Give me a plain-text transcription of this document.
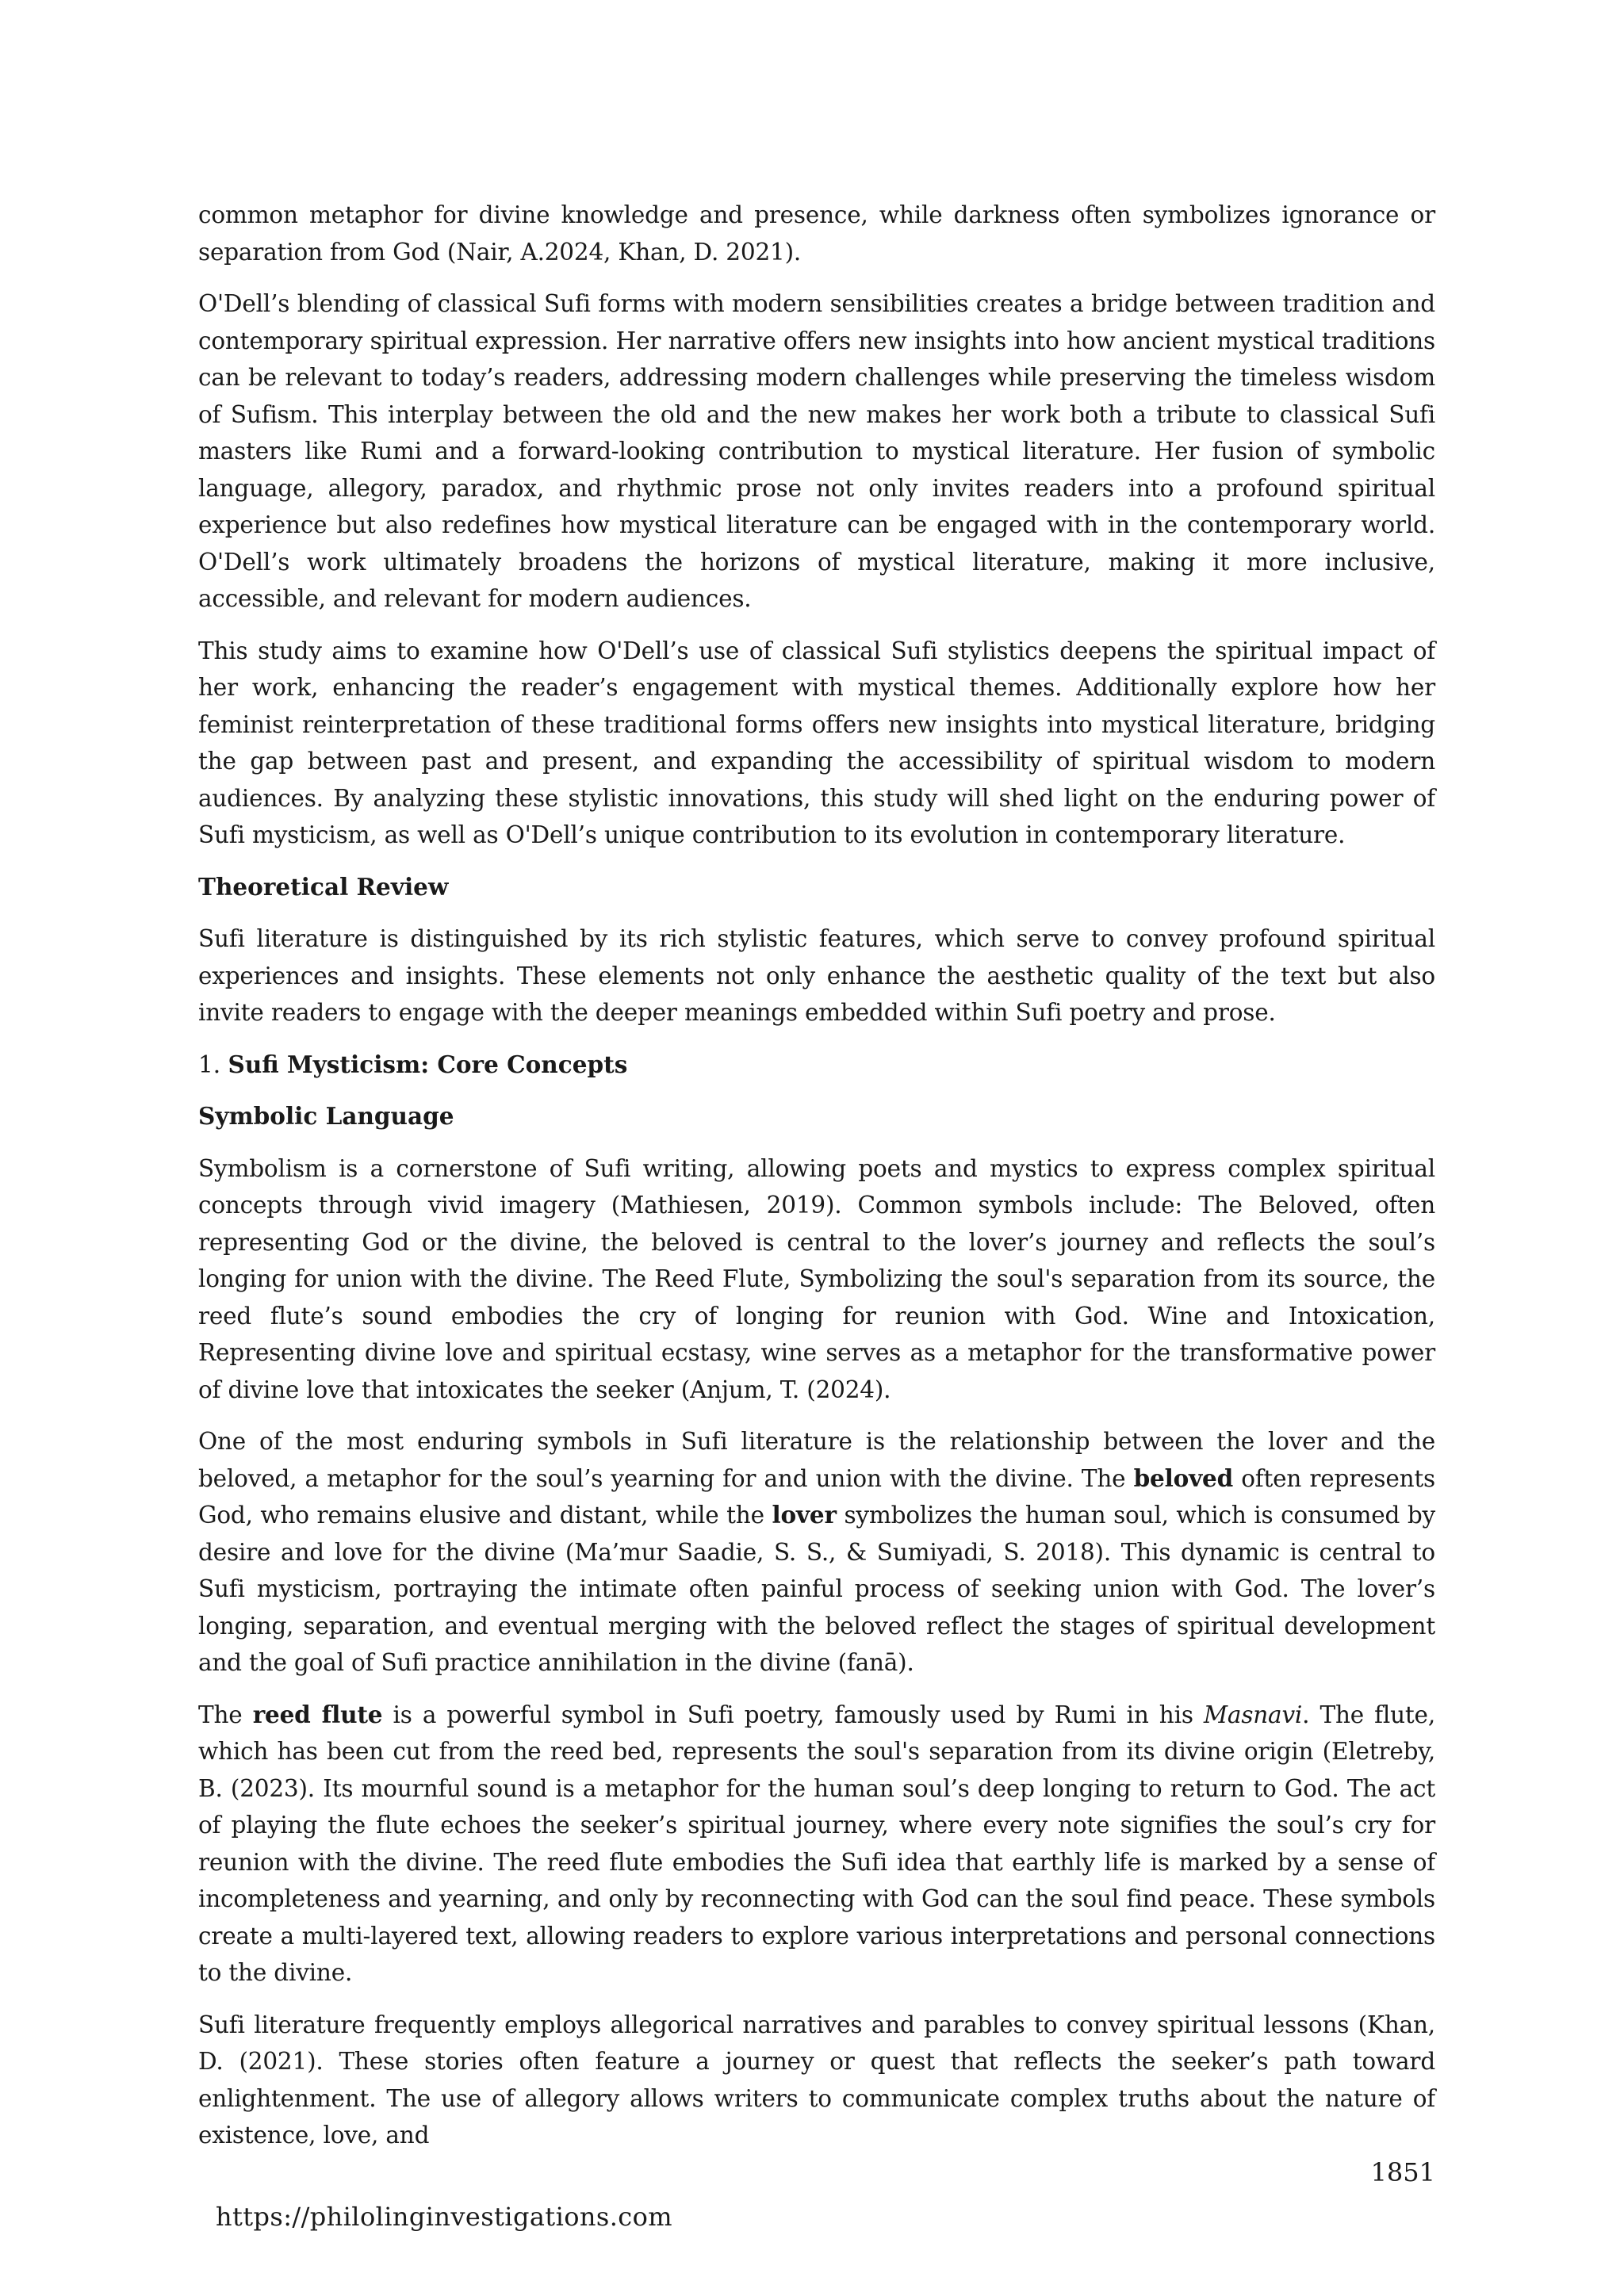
common metaphor for divine knowledge and presence, while darkness often symbolizes ignorance or separation from God (Nair, A.2024, Khan, D. 2021).

O'Dell’s blending of classical Sufi forms with modern sensibilities creates a bridge between tradition and contemporary spiritual expression. Her narrative offers new insights into how ancient mystical traditions can be relevant to today’s readers, addressing modern challenges while preserving the timeless wisdom of Sufism. This interplay between the old and the new makes her work both a tribute to classical Sufi masters like Rumi and a forward-looking contribution to mystical literature. Her fusion of symbolic language, allegory, paradox, and rhythmic prose not only invites readers into a profound spiritual experience but also redefines how mystical literature can be engaged with in the contemporary world. O'Dell’s work ultimately broadens the horizons of mystical literature, making it more inclusive, accessible, and relevant for modern audiences.

This study aims to examine how O'Dell’s use of classical Sufi stylistics deepens the spiritual impact of her work, enhancing the reader’s engagement with mystical themes. Additionally explore how her feminist reinterpretation of these traditional forms offers new insights into mystical literature, bridging the gap between past and present, and expanding the accessibility of spiritual wisdom to modern audiences. By analyzing these stylistic innovations, this study will shed light on the enduring power of Sufi mysticism, as well as O'Dell’s unique contribution to its evolution in contemporary literature.

Theoretical Review

Sufi literature is distinguished by its rich stylistic features, which serve to convey profound spiritual experiences and insights. These elements not only enhance the aesthetic quality of the text but also invite readers to engage with the deeper meanings embedded within Sufi poetry and prose.

1. Sufi Mysticism: Core Concepts

Symbolic Language

Symbolism is a cornerstone of Sufi writing, allowing poets and mystics to express complex spiritual concepts through vivid imagery (Mathiesen, 2019). Common symbols include: The Beloved, often representing God or the divine, the beloved is central to the lover’s journey and reflects the soul’s longing for union with the divine. The Reed Flute, Symbolizing the soul's separation from its source, the reed flute’s sound embodies the cry of longing for reunion with God. Wine and Intoxication, Representing divine love and spiritual ecstasy, wine serves as a metaphor for the transformative power of divine love that intoxicates the seeker (Anjum, T. (2024).

One of the most enduring symbols in Sufi literature is the relationship between the lover and the beloved, a metaphor for the soul’s yearning for and union with the divine. The beloved often represents God, who remains elusive and distant, while the lover symbolizes the human soul, which is consumed by desire and love for the divine (Ma’mur Saadie, S. S., & Sumiyadi, S. 2018). This dynamic is central to Sufi mysticism, portraying the intimate often painful process of seeking union with God. The lover’s longing, separation, and eventual merging with the beloved reflect the stages of spiritual development and the goal of Sufi practice annihilation in the divine (fanā).

The reed flute is a powerful symbol in Sufi poetry, famously used by Rumi in his Masnavi. The flute, which has been cut from the reed bed, represents the soul's separation from its divine origin (Eletreby, B. (2023). Its mournful sound is a metaphor for the human soul’s deep longing to return to God. The act of playing the flute echoes the seeker’s spiritual journey, where every note signifies the soul’s cry for reunion with the divine. The reed flute embodies the Sufi idea that earthly life is marked by a sense of incompleteness and yearning, and only by reconnecting with God can the soul find peace. These symbols create a multi-layered text, allowing readers to explore various interpretations and personal connections to the divine.

Sufi literature frequently employs allegorical narratives and parables to convey spiritual lessons (Khan, D. (2021). These stories often feature a journey or quest that reflects the seeker’s path toward enlightenment. The use of allegory allows writers to communicate complex truths about the nature of existence, love, and

1851
https://philolinginvestigations.com
